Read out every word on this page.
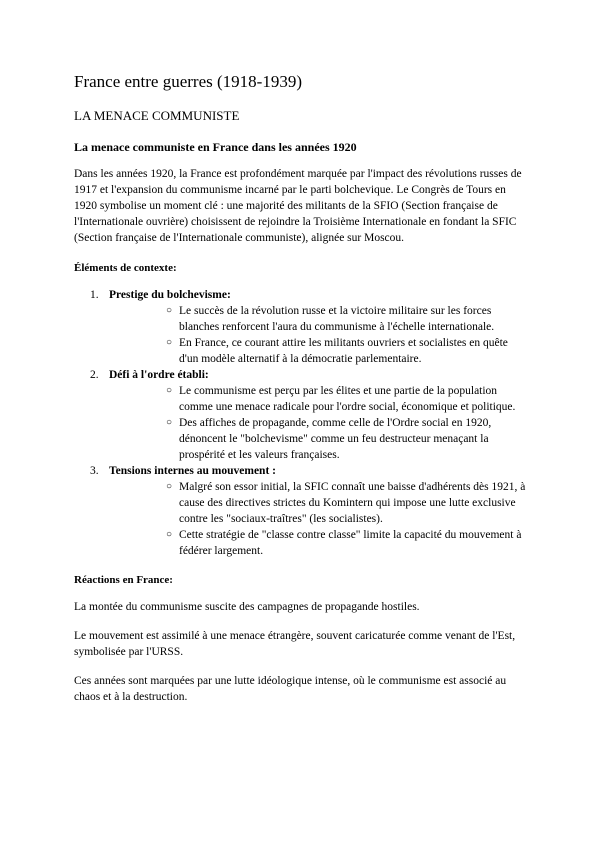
France entre guerres (1918-1939)
LA MENACE COMMUNISTE
La menace communiste en France dans les années 1920

Dans les années 1920, la France est profondément marquée par l'impact des révolutions russes de 1917 et l'expansion du communisme incarné par le parti bolchevique. Le Congrès de Tours en 1920 symbolise un moment clé : une majorité des militants de la SFIO (Section française de l'Internationale ouvrière) choisissent de rejoindre la Troisième Internationale en fondant la SFIC (Section française de l'Internationale communiste), alignée sur Moscou.

Éléments de contexte:

1. Prestige du bolchevisme:
○ Le succès de la révolution russe et la victoire militaire sur les forces blanches renforcent l'aura du communisme à l'échelle internationale.
○ En France, ce courant attire les militants ouvriers et socialistes en quête d'un modèle alternatif à la démocratie parlementaire.
2. Défi à l'ordre établi:
○ Le communisme est perçu par les élites et une partie de la population comme une menace radicale pour l'ordre social, économique et politique.
○ Des affiches de propagande, comme celle de l'Ordre social en 1920, dénoncent le "bolchevisme" comme un feu destructeur menaçant la prospérité et les valeurs françaises.
3. Tensions internes au mouvement :
○ Malgré son essor initial, la SFIC connaît une baisse d'adhérents dès 1921, à cause des directives strictes du Komintern qui impose une lutte exclusive contre les "sociaux-traîtres" (les socialistes).
○ Cette stratégie de "classe contre classe" limite la capacité du mouvement à fédérer largement.

Réactions en France:

La montée du communisme suscite des campagnes de propagande hostiles.

Le mouvement est assimilé à une menace étrangère, souvent caricaturée comme venant de l'Est, symbolisée par l'URSS.

Ces années sont marquées par une lutte idéologique intense, où le communisme est associé au chaos et à la destruction.
